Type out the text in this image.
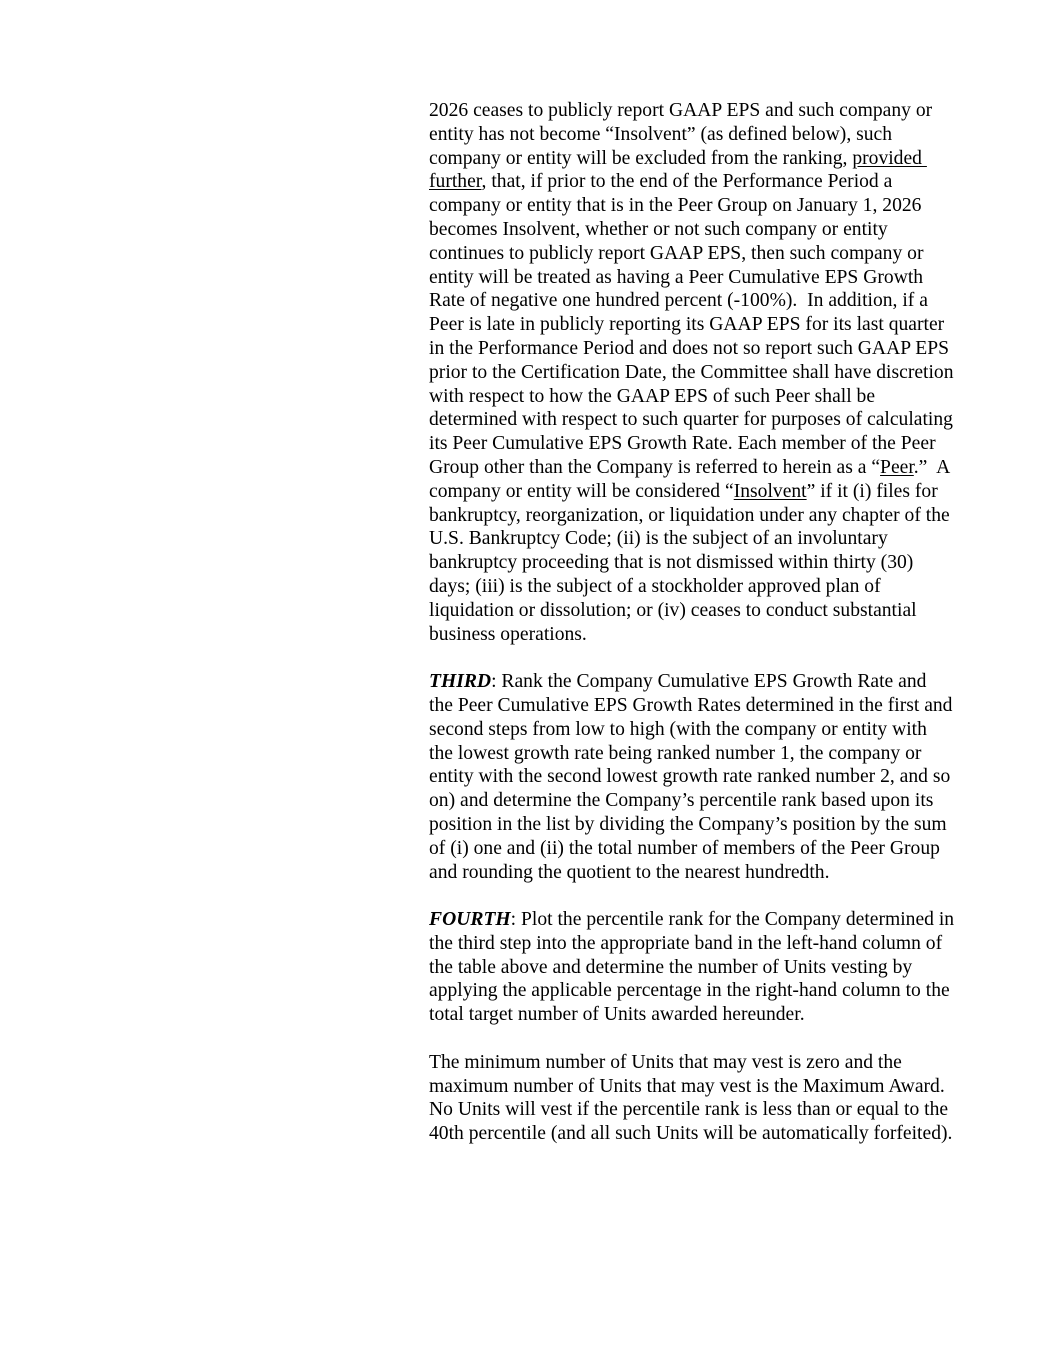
2026 ceases to publicly report GAAP EPS and such company or entity has not become “Insolvent” (as defined below), such company or entity will be excluded from the ranking, provided further, that, if prior to the end of the Performance Period a company or entity that is in the Peer Group on January 1, 2026 becomes Insolvent, whether or not such company or entity continues to publicly report GAAP EPS, then such company or entity will be treated as having a Peer Cumulative EPS Growth Rate of negative one hundred percent (-100%).  In addition, if a Peer is late in publicly reporting its GAAP EPS for its last quarter in the Performance Period and does not so report such GAAP EPS prior to the Certification Date, the Committee shall have discretion with respect to how the GAAP EPS of such Peer shall be determined with respect to such quarter for purposes of calculating its Peer Cumulative EPS Growth Rate. Each member of the Peer Group other than the Company is referred to herein as a “Peer.”  A company or entity will be considered “Insolvent” if it (i) files for bankruptcy, reorganization, or liquidation under any chapter of the U.S. Bankruptcy Code; (ii) is the subject of an involuntary bankruptcy proceeding that is not dismissed within thirty (30) days; (iii) is the subject of a stockholder approved plan of liquidation or dissolution; or (iv) ceases to conduct substantial business operations.

THIRD: Rank the Company Cumulative EPS Growth Rate and the Peer Cumulative EPS Growth Rates determined in the first and second steps from low to high (with the company or entity with the lowest growth rate being ranked number 1, the company or entity with the second lowest growth rate ranked number 2, and so on) and determine the Company’s percentile rank based upon its position in the list by dividing the Company’s position by the sum of (i) one and (ii) the total number of members of the Peer Group and rounding the quotient to the nearest hundredth.

FOURTH: Plot the percentile rank for the Company determined in the third step into the appropriate band in the left-hand column of the table above and determine the number of Units vesting by applying the applicable percentage in the right-hand column to the total target number of Units awarded hereunder.

The minimum number of Units that may vest is zero and the maximum number of Units that may vest is the Maximum Award. No Units will vest if the percentile rank is less than or equal to the 40th percentile (and all such Units will be automatically forfeited).
